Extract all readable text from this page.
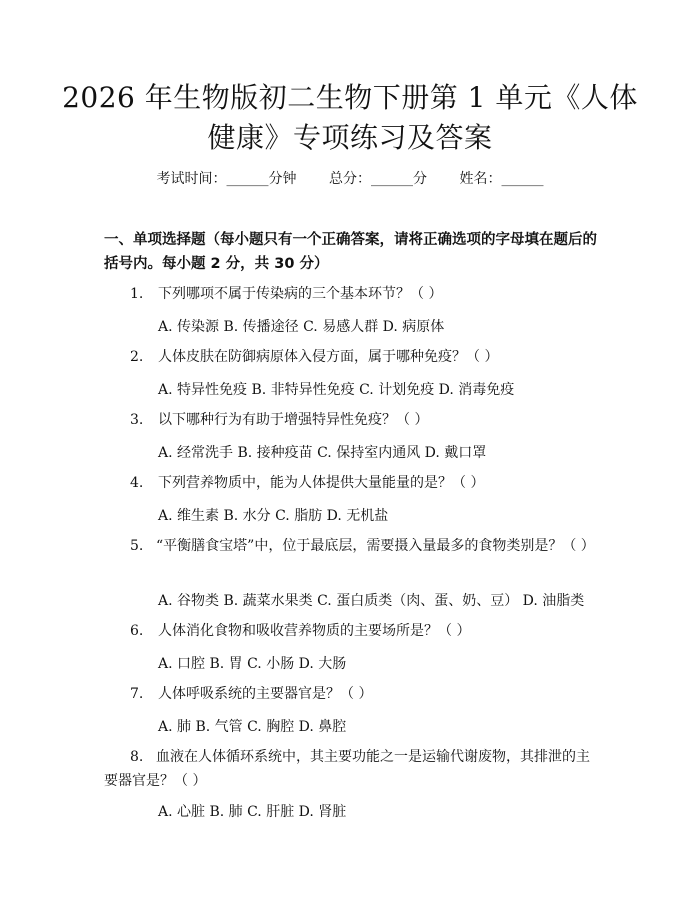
2026 年生物版初二生物下册第 1 单元《人体
健康》专项练习及答案
考试时间：______分钟 总分：______分 姓名：______
一、单项选择题（每小题只有一个正确答案，请将正确选项的字母填在题后的括号内。每小题 2 分，共 30 分）
1. 下列哪项不属于传染病的三个基本环节？（ ）
A. 传染源 B. 传播途径 C. 易感人群 D. 病原体
2. 人体皮肤在防御病原体入侵方面，属于哪种免疫？（ ）
A. 特异性免疫 B. 非特异性免疫 C. 计划免疫 D. 消毒免疫
3. 以下哪种行为有助于增强特异性免疫？（ ）
A. 经常洗手 B. 接种疫苗 C. 保持室内通风 D. 戴口罩
4. 下列营养物质中，能为人体提供大量能量的是？（ ）
A. 维生素 B. 水分 C. 脂肪 D. 无机盐
5. “平衡膳食宝塔”中，位于最底层，需要摄入量最多的食物类别是？（ ）
A. 谷物类 B. 蔬菜水果类 C. 蛋白质类（肉、蛋、奶、豆） D. 油脂类
6. 人体消化食物和吸收营养物质的主要场所是？（ ）
A. 口腔 B. 胃 C. 小肠 D. 大肠
7. 人体呼吸系统的主要器官是？（ ）
A. 肺 B. 气管 C. 胸腔 D. 鼻腔
8. 血液在人体循环系统中，其主要功能之一是运输代谢废物，其排泄的主要器官是？（ ）
A. 心脏 B. 肺 C. 肝脏 D. 肾脏
